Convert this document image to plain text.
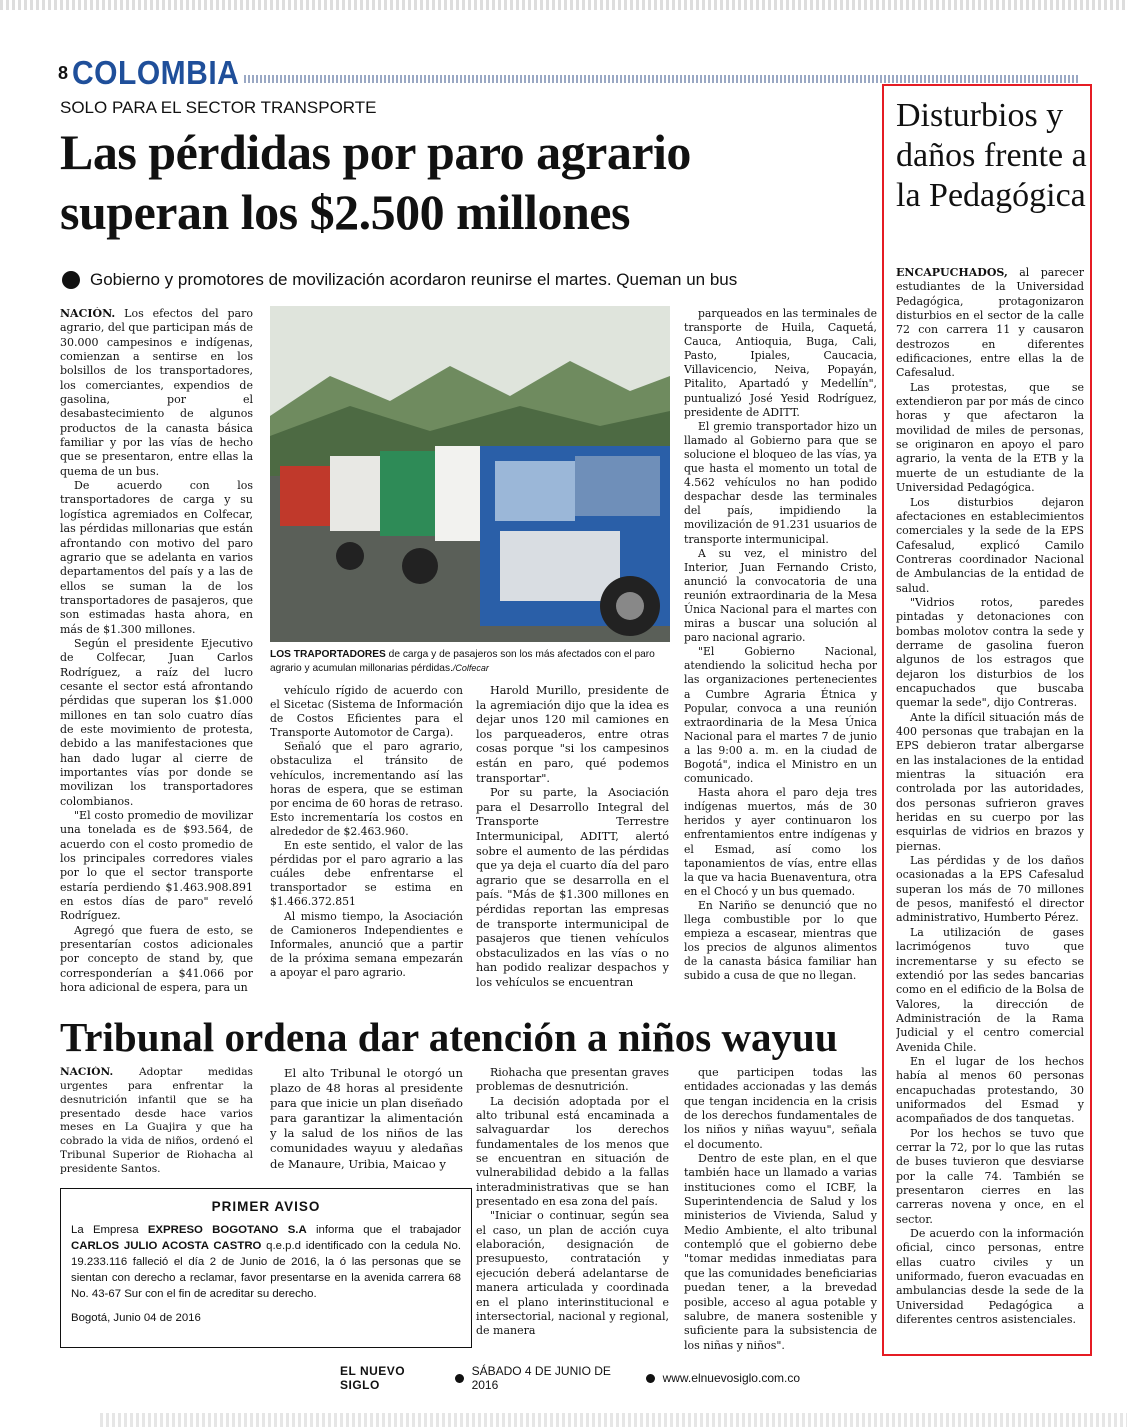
8 COLOMBIA
SOLO PARA EL SECTOR TRANSPORTE
Las pérdidas por paro agrario superan los $2.500 millones
Gobierno y promotores de movilización acordaron reunirse el martes. Queman un bus

NACIÓN. Los efectos del paro agrario, del que participan más de 30.000 campesinos e indígenas, comienzan a sentirse en los bolsillos de los transportadores, los comerciantes, expendios de gasolina, por el desabastecimiento de algunos productos de la canasta básica familiar y por las vías de hecho que se presentaron, entre ellas la quema de un bus.

De acuerdo con los transportadores de carga y su logística agremiados en Colfecar, las pérdidas millonarias que están afrontando con motivo del paro agrario que se adelanta en varios departamentos del país y a las de ellos se suman la de los transportadores de pasajeros, que son estimadas hasta ahora, en más de $1.300 millones.

Según el presidente Ejecutivo de Colfecar, Juan Carlos Rodríguez, a raíz del lucro cesante el sector está afrontando pérdidas que superan los $1.000 millones en tan solo cuatro días de este movimiento de protesta, debido a las manifestaciones que han dado lugar al cierre de importantes vías por donde se movilizan los transportadores colombianos.

"El costo promedio de movilizar una tonelada es de $93.564, de acuerdo con el costo promedio de los principales corredores viales por lo que el sector transporte estaría perdiendo $1.463.908.891 en estos días de paro" reveló Rodríguez.

Agregó que fuera de esto, se presentarían costos adicionales por concepto de stand by, que corresponderían a $41.066 por hora adicional de espera, para un

LOS TRAPORTADORES de carga y de pasajeros son los más afectados con el paro agrario y acumulan millonarias pérdidas./Colfecar

vehículo rígido de acuerdo con el Sicetac (Sistema de Información de Costos Eficientes para el Transporte Automotor de Carga).

Señaló que el paro agrario, obstaculiza el tránsito de vehículos, incrementando así las horas de espera, que se estiman por encima de 60 horas de retraso. Esto incrementaría los costos en alrededor de $2.463.960.

En este sentido, el valor de las pérdidas por el paro agrario a las cuáles debe enfrentarse el transportador se estima en $1.466.372.851

Al mismo tiempo, la Asociación de Camioneros Independientes e Informales, anunció que a partir de la próxima semana empezarán a apoyar el paro agrario.

Harold Murillo, presidente de la agremiación dijo que la idea es dejar unos 120 mil camiones en los parqueaderos, entre otras cosas porque "si los campesinos están en paro, qué podemos transportar".

Por su parte, la Asociación para el Desarrollo Integral del Transporte Terrestre Intermunicipal, ADITT, alertó sobre el aumento de las pérdidas que ya deja el cuarto día del paro agrario que se desarrolla en el país. "Más de $1.300 millones en pérdidas reportan las empresas de transporte intermunicipal de pasajeros que tienen vehículos obstaculizados en las vías o no han podido realizar despachos y los vehículos se encuentran

parqueados en las terminales de transporte de Huila, Caquetá, Cauca, Antioquia, Buga, Cali, Pasto, Ipiales, Caucacia, Villavicencio, Neiva, Popayán, Pitalito, Apartadó y Medellín", puntualizó José Yesid Rodríguez, presidente de ADITT.

El gremio transportador hizo un llamado al Gobierno para que se solucione el bloqueo de las vías, ya que hasta el momento un total de 4.562 vehículos no han podido despachar desde las terminales del país, impidiendo la movilización de 91.231 usuarios de transporte intermunicipal.

A su vez, el ministro del Interior, Juan Fernando Cristo, anunció la convocatoria de una reunión extraordinaria de la Mesa Única Nacional para el martes con miras a buscar una solución al paro nacional agrario.

"El Gobierno Nacional, atendiendo la solicitud hecha por las organizaciones pertenecientes a Cumbre Agraria Étnica y Popular, convoca a una reunión extraordinaria de la Mesa Única Nacional para el martes 7 de junio a las 9:00 a. m. en la ciudad de Bogotá", indica el Ministro en un comunicado.

Hasta ahora el paro deja tres indígenas muertos, más de 30 heridos y ayer continuaron los enfrentamientos entre indígenas y el Esmad, así como los taponamientos de vías, entre ellas la que va hacia Buenaventura, otra en el Chocó y un bus quemado.

En Nariño se denunció que no llega combustible por lo que empieza a escasear, mientras que los precios de algunos alimentos de la canasta básica familiar han subido a cusa de que no llegan.

Tribunal ordena dar atención a niños wayuu

NACIÓN. Adoptar medidas urgentes para enfrentar la desnutrición infantil que se ha presentado desde hace varios meses en La Guajira y que ha cobrado la vida de niños, ordenó el Tribunal Superior de Riohacha al presidente Santos.

El alto Tribunal le otorgó un plazo de 48 horas al presidente para que inicie un plan diseñado para garantizar la alimentación y la salud de los niños de las comunidades wayuu y aledañas de Manaure, Uribia, Maicao y

Riohacha que presentan graves problemas de desnutrición.

La decisión adoptada por el alto tribunal está encaminada a salvaguardar los derechos fundamentales de los menos que se encuentran en situación de vulnerabilidad debido a la fallas interadministrativas que se han presentado en esa zona del país.

"Iniciar o continuar, según sea el caso, un plan de acción cuya elaboración, designación de presupuesto, contratación y ejecución deberá adelantarse de manera articulada y coordinada en el plano interinstitucional e intersectorial, nacional y regional, de manera

que participen todas las entidades accionadas y las demás que tengan incidencia en la crisis de los derechos fundamentales de los niños y niñas wayuu", señala el documento.

Dentro de este plan, en el que también hace un llamado a varias instituciones como el ICBF, la Superintendencia de Salud y los ministerios de Vivienda, Salud y Medio Ambiente, el alto tribunal contempló que el gobierno debe "tomar medidas inmediatas para que las comunidades beneficiarias puedan tener, a la brevedad posible, acceso al agua potable y salubre, de manera sostenible y suficiente para la subsistencia de los niñas y niños".

PRIMER AVISO
La Empresa EXPRESO BOGOTANO S.A informa que el trabajador CARLOS JULIO ACOSTA CASTRO q.e.p.d identificado con la cedula No. 19.233.116 falleció el día 2 de Junio de 2016, la ó las personas que se sientan con derecho a reclamar, favor presentarse en la avenida carrera 68 No. 43-67 Sur con el fin de acreditar su derecho.
Bogotá, Junio 04 de 2016
Disturbios y daños frente a la Pedagógica

ENCAPUCHADOS, al parecer estudiantes de la Universidad Pedagógica, protagonizaron disturbios en el sector de la calle 72 con carrera 11 y causaron destrozos en diferentes edificaciones, entre ellas la de Cafesalud.

Las protestas, que se extendieron par por más de cinco horas y que afectaron la movilidad de miles de personas, se originaron en apoyo el paro agrario, la venta de la ETB y la muerte de un estudiante de la Universidad Pedagógica.

Los disturbios dejaron afectaciones en establecimientos comerciales y la sede de la EPS Cafesalud, explicó Camilo Contreras coordinador Nacional de Ambulancias de la entidad de salud.

"Vidrios rotos, paredes pintadas y detonaciones con bombas molotov contra la sede y derrame de gasolina fueron algunos de los estragos que dejaron los disturbios de los encapuchados que buscaba quemar la sede", dijo Contreras.

Ante la difícil situación más de 400 personas que trabajan en la EPS debieron tratar albergarse en las instalaciones de la entidad mientras la situación era controlada por las autoridades, dos personas sufrieron graves heridas en su cuerpo por las esquirlas de vidrios en brazos y piernas.

Las pérdidas y de los daños ocasionadas a la EPS Cafesalud superan los más de 70 millones de pesos, manifestó el director administrativo, Humberto Pérez.

La utilización de gases lacrimógenos tuvo que incrementarse y su efecto se extendió por las sedes bancarias como en el edificio de la Bolsa de Valores, la dirección de Administración de la Rama Judicial y el centro comercial Avenida Chile.

En el lugar de los hechos había al menos 60 personas encapuchadas protestando, 30 uniformados del Esmad y acompañados de dos tanquetas.

Por los hechos se tuvo que cerrar la 72, por lo que las rutas de buses tuvieron que desviarse por la calle 74. También se presentaron cierres en las carreras novena y once, en el sector.

De acuerdo con la información oficial, cinco personas, entre ellas cuatro civiles y un uniformado, fueron evacuadas en ambulancias desde la sede de la Universidad Pedagógica a diferentes centros asistenciales.

EL NUEVO SIGLO
SÁBADO 4 DE JUNIO DE 2016	www.elnuevosiglo.com.co
